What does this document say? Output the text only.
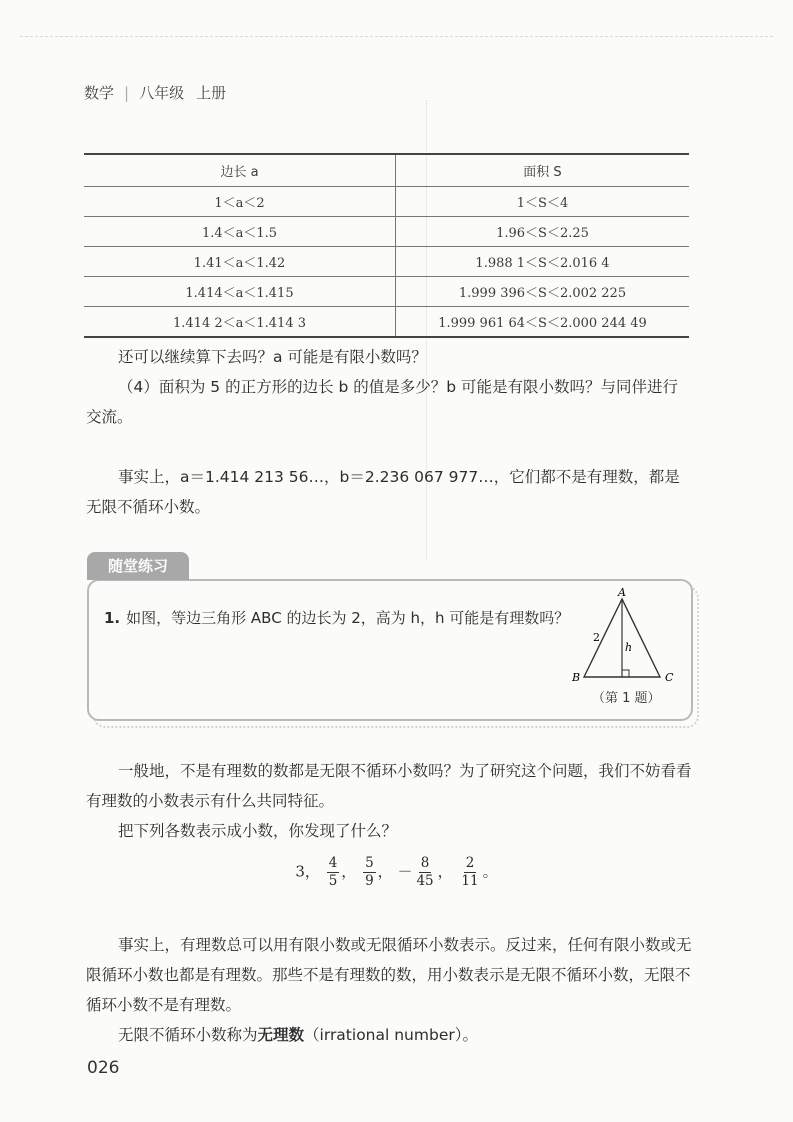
数学 | 八年级 上册
边长 a	面积 S
1＜a＜2	1＜S＜4
1.4＜a＜1.5	1.96＜S＜2.25
1.41＜a＜1.42	1.988 1＜S＜2.016 4
1.414＜a＜1.415	1.999 396＜S＜2.002 225
1.414 2＜a＜1.414 3	1.999 961 64＜S＜2.000 244 49
还可以继续算下去吗？a 可能是有限小数吗？
（4）面积为 5 的正方形的边长 b 的值是多少？b 可能是有限小数吗？与同伴进行交流。
事实上，a＝1.414 213 56…，b＝2.236 067 977…，它们都不是有理数，都是无限不循环小数。
随堂练习
1. 如图，等边三角形 ABC 的边长为 2，高为 h，h 可能是有理数吗？
A
B	C
2
h
（第 1 题）
一般地，不是有理数的数都是无限不循环小数吗？为了研究这个问题，我们不妨看看有理数的小数表示有什么共同特征。
把下列各数表示成小数，你发现了什么？
3， $\frac{4}{5}$ ， $\frac{5}{9}$ ， － $\frac{8}{45}$ ， $\frac{2}{11}$ 。
事实上，有理数总可以用有限小数或无限循环小数表示。反过来，任何有限小数或无限循环小数也都是有理数。那些不是有理数的数，用小数表示是无限不循环小数，无限不循环小数不是有理数。
无限不循环小数称为无理数（irrational number）。
026
